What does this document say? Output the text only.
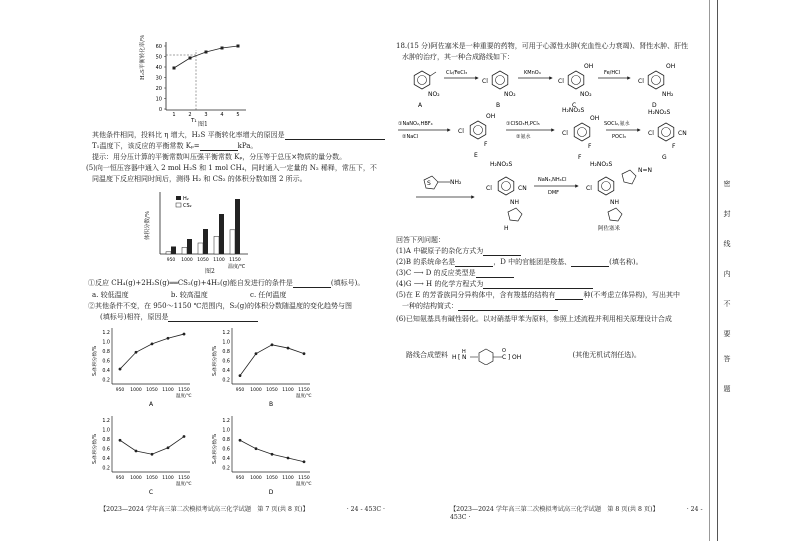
60
50
40
30
20
10
0
1	2	3	4	5
T₁
H₂S平衡转化率/%
图1
其他条件相同，投料比 η 增大，H₂S 平衡转化率增大的原因是
T₁温度下，该反应的平衡常数 Kₚ=	kPa。
提示：用分压计算的平衡常数叫压强平衡常数 Kₚ，分压等于总压×物质的量分数。
(5)向一恒压容器中通入 2 mol H₂S 和 1 mol CH₄，同时通入一定量的 N₂ 稀释，常压下，不
同温度下反应相同时间后，测得 H₂ 和 CS₂ 的体积分数如图 2 所示。
H₂
CS₂
950 1000 1050 1100 1150
温度/℃
体积分数/%
图2
①反应 CH₄(g)+2H₂S(g)══CS₂(g)+4H₂(g)能自发进行的条件是	(填标号)。
a. 较低温度	b. 较高温度	c. 任何温度
②其他条件不变，在 950～1150 ℃范围内，S₂(g)的体积分数随温度的变化趋势与图
(填标号)相符，原因是
1.2
1.0
0.8
0.6
0.4
0.2
950 1000 1050 1100 1150
温度/℃
A
S₂体积分数/%
1.2
1.0
0.8
0.6
0.4
0.2
950 1000 1050 1100 1150
温度/℃
B
S₂体积分数/%
1.2
1.0
0.8
0.6
0.4
0.2
950 1000 1050 1100 1150
温度/℃
C
S₂体积分数/%
1.2
1.0
0.8
0.6
0.4
0.2
950 1000 1050 1100 1150
温度/℃
D
S₂体积分数/%
【2023—2024 学年高三第二次模拟考试高三化学试题　第 7 页(共 8 页)】	· 24 - 453C ·
18.(15 分)阿佐塞米是一种重要的药物，可用于心源性水肿(充血性心力衰竭)、肾性水肿、肝性
水肿的治疗，其一种合成路线如下：
NO₂
A
Cl₂/FeCl₃
Cl
NO₂
B
KMnO₄
Cl
OH
NO₂
C
Fe/HCl
Cl
OH
NH₂
D
①NaNO₂,HBF₄
②NaCl
Cl
OH
F
E
①ClSO₃H,PCl₅
②氨水
H₂NO₂S
Cl
OH
F
F
SOCl₂,氨水
POCl₃
H₂NO₂S
Cl	CN
F
G
S	NH₂
H₂NO₂S
Cl	CN
NH
H
NaN₃,NH₄Cl
DMF
H₂NO₂S
Cl
N=N
NH
阿佐塞米
回答下列问题：
(1)A 中碳原子的杂化方式为
(2)B 的系统命名是	，D 中的官能团是羧基、	(填名称)。
(3)C ⟶ D 的反应类型是
(4)G ⟶ H 的化学方程式为
(5)在 E 的芳香族同分异构体中，含有羧基的结构有	种(不考虑立体异构)，写出其中
一种的结构简式：
(6)已知氨基具有碱性弱化。以对硝基甲苯为原料，参照上述流程并利用相关原理设计合成
路线合成塑料 H [
H
N
O
C ] OH	(其他无机试剂任选)。
【2023—2024 学年高三第二次模拟考试高三化学试题　第 8 页(共 8 页)】	· 24 - 453C ·
密
封
线
内
不
要
答
题
